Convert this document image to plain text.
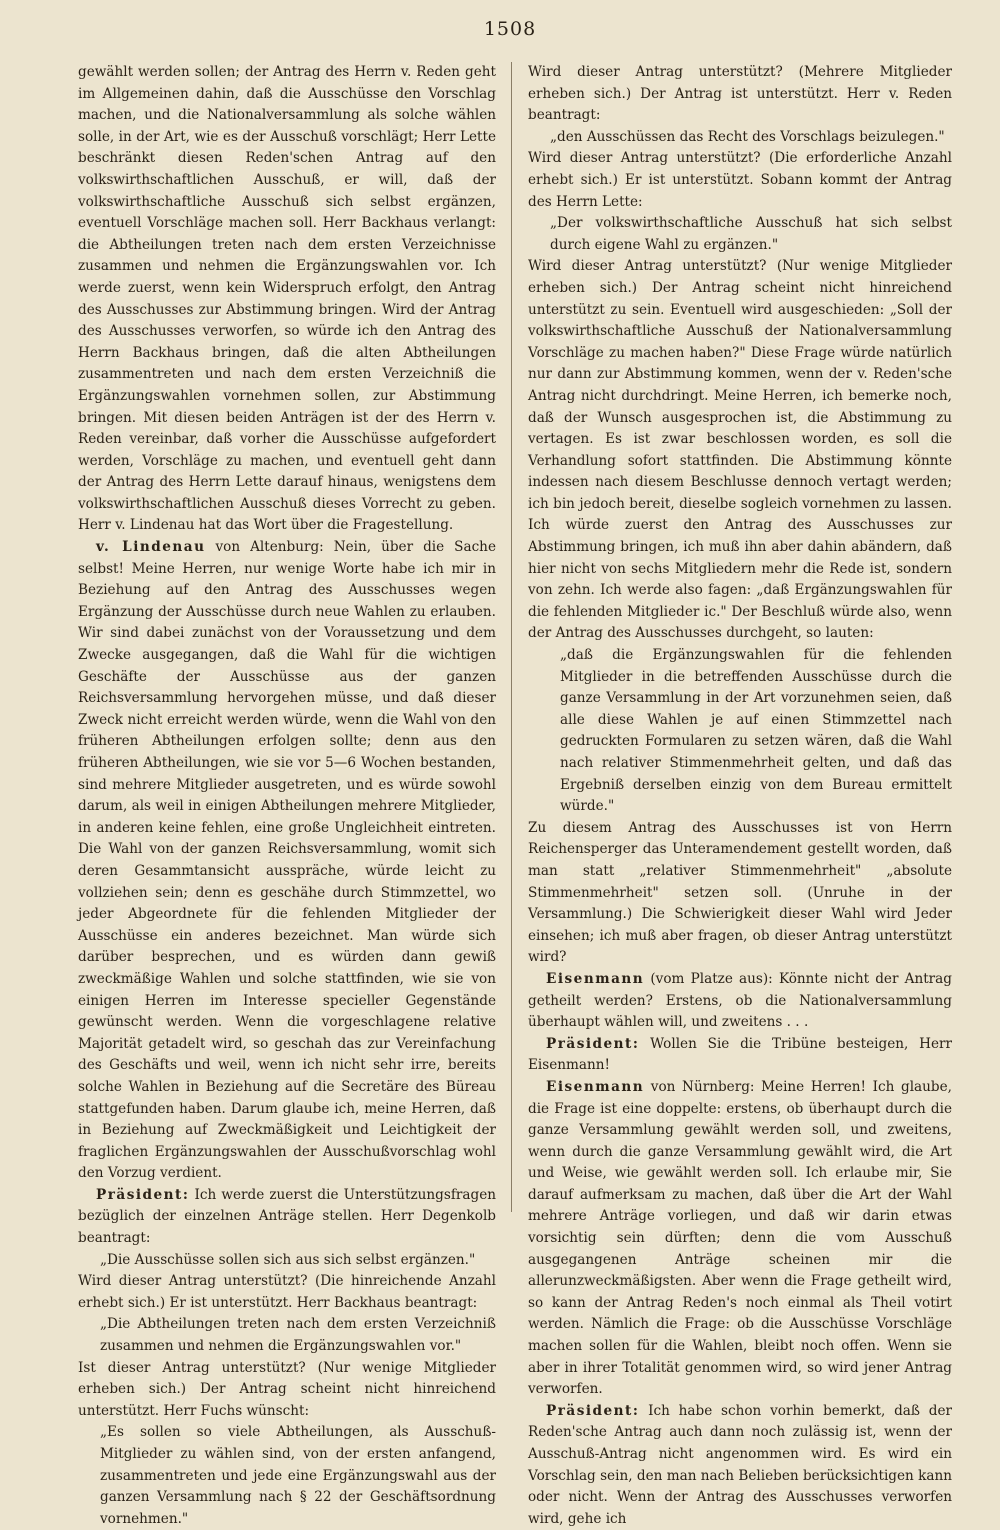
1508

gewählt werden sollen; der Antrag des Herrn v. Reden geht im Allgemeinen dahin, daß die Ausschüsse den Vorschlag machen, und die Nationalversammlung als solche wählen solle, in der Art, wie es der Ausschuß vorschlägt; Herr Lette beschränkt diesen Reden'schen Antrag auf den volkswirthschaftlichen Ausschuß, er will, daß der volkswirthschaftliche Ausschuß sich selbst ergänzen, eventuell Vorschläge machen soll. Herr Backhaus verlangt: die Abtheilungen treten nach dem ersten Verzeichnisse zusammen und nehmen die Ergänzungswahlen vor. Ich werde zuerst, wenn kein Widerspruch erfolgt, den Antrag des Ausschusses zur Abstimmung bringen. Wird der Antrag des Ausschusses verworfen, so würde ich den Antrag des Herrn Backhaus bringen, daß die alten Abtheilungen zusammentreten und nach dem ersten Verzeichniß die Ergänzungswahlen vornehmen sollen, zur Abstimmung bringen. Mit diesen beiden Anträgen ist der des Herrn v. Reden vereinbar, daß vorher die Ausschüsse aufgefordert werden, Vorschläge zu machen, und eventuell geht dann der Antrag des Herrn Lette darauf hinaus, wenigstens dem volkswirthschaftlichen Ausschuß dieses Vorrecht zu geben. Herr v. Lindenau hat das Wort über die Fragestellung.

v. Lindenau von Altenburg: Nein, über die Sache selbst! Meine Herren, nur wenige Worte habe ich mir in Beziehung auf den Antrag des Ausschusses wegen Ergänzung der Ausschüsse durch neue Wahlen zu erlauben. Wir sind dabei zunächst von der Voraussetzung und dem Zwecke ausgegangen, daß die Wahl für die wichtigen Geschäfte der Ausschüsse aus der ganzen Reichsversammlung hervorgehen müsse, und daß dieser Zweck nicht erreicht werden würde, wenn die Wahl von den früheren Abtheilungen erfolgen sollte; denn aus den früheren Abtheilungen, wie sie vor 5—6 Wochen bestanden, sind mehrere Mitglieder ausgetreten, und es würde sowohl darum, als weil in einigen Abtheilungen mehrere Mitglieder, in anderen keine fehlen, eine große Ungleichheit eintreten. Die Wahl von der ganzen Reichsversammlung, womit sich deren Gesammtansicht ausspräche, würde leicht zu vollziehen sein; denn es geschähe durch Stimmzettel, wo jeder Abgeordnete für die fehlenden Mitglieder der Ausschüsse ein anderes bezeichnet. Man würde sich darüber besprechen, und es würden dann gewiß zweckmäßige Wahlen und solche stattfinden, wie sie von einigen Herren im Interesse specieller Gegenstände gewünscht werden. Wenn die vorgeschlagene relative Majorität getadelt wird, so geschah das zur Vereinfachung des Geschäfts und weil, wenn ich nicht sehr irre, bereits solche Wahlen in Beziehung auf die Secretäre des Büreau stattgefunden haben. Darum glaube ich, meine Herren, daß in Beziehung auf Zweckmäßigkeit und Leichtigkeit der fraglichen Ergänzungswahlen der Ausschußvorschlag wohl den Vorzug verdient.

Präsident: Ich werde zuerst die Unterstützungsfragen bezüglich der einzelnen Anträge stellen. Herr Degenkolb beantragt:

„Die Ausschüsse sollen sich aus sich selbst ergänzen."

Wird dieser Antrag unterstützt? (Die hinreichende Anzahl erhebt sich.) Er ist unterstützt. Herr Backhaus beantragt:

„Die Abtheilungen treten nach dem ersten Verzeichniß zusammen und nehmen die Ergänzungswahlen vor."

Ist dieser Antrag unterstützt? (Nur wenige Mitglieder erheben sich.) Der Antrag scheint nicht hinreichend unterstützt. Herr Fuchs wünscht:

„Es sollen so viele Abtheilungen, als Ausschuß-Mitglieder zu wählen sind, von der ersten anfangend, zusammentreten und jede eine Ergänzungswahl aus der ganzen Versammlung nach § 22 der Geschäftsordnung vornehmen."

Wird dieser Antrag unterstützt? (Mehrere Mitglieder erheben sich.) Der Antrag ist unterstützt. Herr v. Reden beantragt:

„den Ausschüssen das Recht des Vorschlags beizulegen."

Wird dieser Antrag unterstützt? (Die erforderliche Anzahl erhebt sich.) Er ist unterstützt. Sobann kommt der Antrag des Herrn Lette:

„Der volkswirthschaftliche Ausschuß hat sich selbst durch eigene Wahl zu ergänzen."

Wird dieser Antrag unterstützt? (Nur wenige Mitglieder erheben sich.) Der Antrag scheint nicht hinreichend unterstützt zu sein. Eventuell wird ausgeschieden: „Soll der volkswirthschaftliche Ausschuß der Nationalversammlung Vorschläge zu machen haben?" Diese Frage würde natürlich nur dann zur Abstimmung kommen, wenn der v. Reden'sche Antrag nicht durchdringt. Meine Herren, ich bemerke noch, daß der Wunsch ausgesprochen ist, die Abstimmung zu vertagen. Es ist zwar beschlossen worden, es soll die Verhandlung sofort stattfinden. Die Abstimmung könnte indessen nach diesem Beschlusse dennoch vertagt werden; ich bin jedoch bereit, dieselbe sogleich vornehmen zu lassen. Ich würde zuerst den Antrag des Ausschusses zur Abstimmung bringen, ich muß ihn aber dahin abändern, daß hier nicht von sechs Mitgliedern mehr die Rede ist, sondern von zehn. Ich werde also fagen: „daß Ergänzungswahlen für die fehlenden Mitglieder ic." Der Beschluß würde also, wenn der Antrag des Ausschusses durchgeht, so lauten:

„daß die Ergänzungswahlen für die fehlenden Mitglieder in die betreffenden Ausschüsse durch die ganze Versammlung in der Art vorzunehmen seien, daß alle diese Wahlen je auf einen Stimmzettel nach gedruckten Formularen zu setzen wären, daß die Wahl nach relativer Stimmenmehrheit gelten, und daß das Ergebniß derselben einzig von dem Bureau ermittelt würde."

Zu diesem Antrag des Ausschusses ist von Herrn Reichensperger das Unteramendement gestellt worden, daß man statt „relativer Stimmenmehrheit" „absolute Stimmenmehrheit" setzen soll. (Unruhe in der Versammlung.) Die Schwierigkeit dieser Wahl wird Jeder einsehen; ich muß aber fragen, ob dieser Antrag unterstützt wird?

Eisenmann (vom Platze aus): Könnte nicht der Antrag getheilt werden? Erstens, ob die Nationalversammlung überhaupt wählen will, und zweitens . . .

Präsident: Wollen Sie die Tribüne besteigen, Herr Eisenmann!

Eisenmann von Nürnberg: Meine Herren! Ich glaube, die Frage ist eine doppelte: erstens, ob überhaupt durch die ganze Versammlung gewählt werden soll, und zweitens, wenn durch die ganze Versammlung gewählt wird, die Art und Weise, wie gewählt werden soll. Ich erlaube mir, Sie darauf aufmerksam zu machen, daß über die Art der Wahl mehrere Anträge vorliegen, und daß wir darin etwas vorsichtig sein dürften; denn die vom Ausschuß ausgegangenen Anträge scheinen mir die allerunzweckmäßigsten. Aber wenn die Frage getheilt wird, so kann der Antrag Reden's noch einmal als Theil votirt werden. Nämlich die Frage: ob die Ausschüsse Vorschläge machen sollen für die Wahlen, bleibt noch offen. Wenn sie aber in ihrer Totalität genommen wird, so wird jener Antrag verworfen.

Präsident: Ich habe schon vorhin bemerkt, daß der Reden'sche Antrag auch dann noch zulässig ist, wenn der Ausschuß-Antrag nicht angenommen wird. Es wird ein Vorschlag sein, den man nach Belieben berücksichtigen kann oder nicht. Wenn der Antrag des Ausschusses verworfen wird, gehe ich
